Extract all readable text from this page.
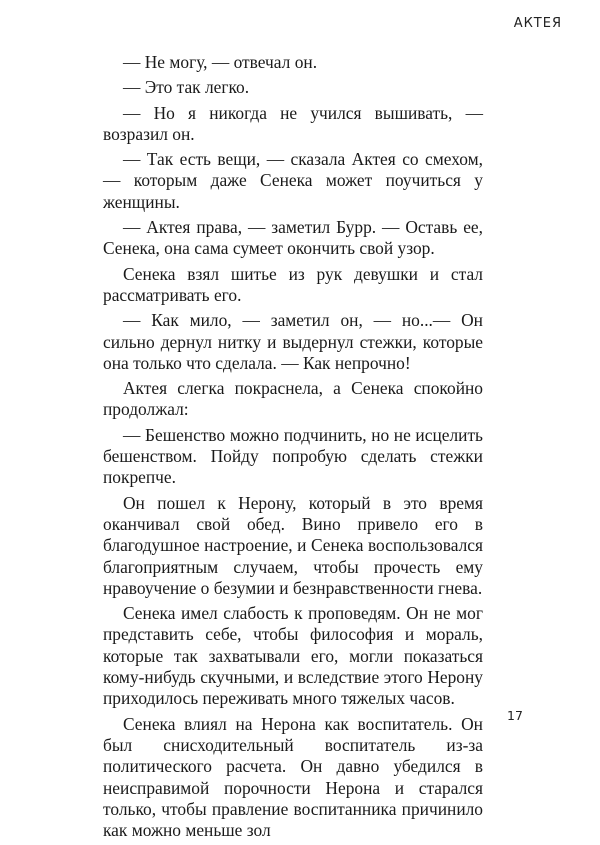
АКТЕЯ

— Не могу, — отвечал он.

— Это так легко.

— Но я никогда не учился вышивать, — возразил он.

— Так есть вещи, — сказала Актея со смехом, — которым даже Сенека может поучиться у женщины.

— Актея права, — заметил Бурр. — Оставь ее, Сенека, она сама сумеет окончить свой узор.

Сенека взял шитье из рук девушки и стал рассматривать его.

— Как мило, — заметил он, — но...— Он сильно дернул нитку и выдернул стежки, которые она только что сделала. — Как непрочно!

Актея слегка покраснела, а Сенека спокойно продолжал:

— Бешенство можно подчинить, но не исцелить бешенством. Пойду попробую сделать стежки покрепче.

Он пошел к Нерону, который в это время оканчивал свой обед. Вино привело его в благодушное настроение, и Сенека воспользовался благоприятным случаем, чтобы прочесть ему нравоучение о безумии и безнравственности гнева.

Сенека имел слабость к проповедям. Он не мог представить себе, чтобы философия и мораль, которые так захватывали его, могли показаться кому-нибудь скучными, и вследствие этого Нерону приходилось переживать много тяжелых часов.

Сенека влиял на Нерона как воспитатель. Он был снисходительный воспитатель из-за политического расчета. Он давно убедился в неисправимой порочности Нерона и старался только, чтобы правление воспитанника причинило как можно меньше зол

17
